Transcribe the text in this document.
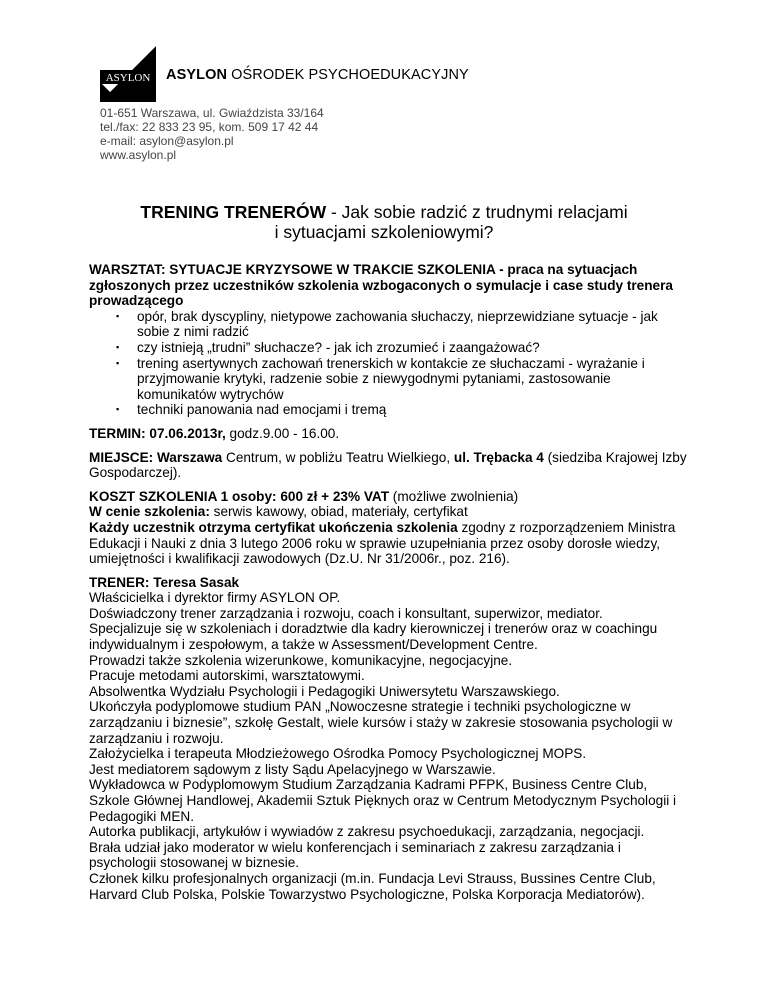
ASYLON ASYLON OŚRODEK PSYCHOEDUKACYJNY
01-651 Warszawa, ul. Gwiaździsta 33/164
tel./fax: 22 833 23 95, kom. 509 17 42 44
e-mail: asylon@asylon.pl
www.asylon.pl
TRENING TRENERÓW - Jak sobie radzić z trudnymi relacjami
i sytuacjami szkoleniowymi?

WARSZTAT: SYTUACJE KRYZYSOWE W TRAKCIE SZKOLENIA - praca na sytuacjach zgłoszonych przez uczestników szkolenia wzbogaconych o symulacje i case study trenera prowadzącego

▪ opór, brak dyscypliny, nietypowe zachowania słuchaczy, nieprzewidziane sytuacje - jak sobie z nimi radzić
▪ czy istnieją „trudni” słuchacze? - jak ich zrozumieć i zaangażować?
▪ trening asertywnych zachowań trenerskich w kontakcie ze słuchaczami - wyrażanie i przyjmowanie krytyki, radzenie sobie z niewygodnymi pytaniami, zastosowanie komunikatów wytrychów
▪ techniki panowania nad emocjami i tremą

TERMIN: 07.06.2013r, godz.9.00 - 16.00.

MIEJSCE: Warszawa Centrum, w pobliżu Teatru Wielkiego, ul. Trębacka 4 (siedziba Krajowej Izby Gospodarczej).

KOSZT SZKOLENIA 1 osoby: 600 zł + 23% VAT (możliwe zwolnienia)

W cenie szkolenia: serwis kawowy, obiad, materiały, certyfikat

Każdy uczestnik otrzyma certyfikat ukończenia szkolenia zgodny z rozporządzeniem Ministra Edukacji i Nauki z dnia 3 lutego 2006 roku w sprawie uzupełniania przez osoby dorosłe wiedzy, umiejętności i kwalifikacji zawodowych (Dz.U. Nr 31/2006r., poz. 216).

TRENER: Teresa Sasak

Właścicielka i dyrektor firmy ASYLON OP.

Doświadczony trener zarządzania i rozwoju, coach i konsultant, superwizor, mediator.

Specjalizuje się w szkoleniach i doradztwie dla kadry kierowniczej i trenerów oraz w coachingu indywidualnym i zespołowym, a także w Assessment/Development Centre.

Prowadzi także szkolenia wizerunkowe, komunikacyjne, negocjacyjne.

Pracuje metodami autorskimi, warsztatowymi.

Absolwentka Wydziału Psychologii i Pedagogiki Uniwersytetu Warszawskiego.

Ukończyła podyplomowe studium PAN „Nowoczesne strategie i techniki psychologiczne w zarządzaniu i biznesie”, szkołę Gestalt, wiele kursów i staży w zakresie stosowania psychologii w zarządzaniu i rozwoju.

Założycielka i terapeuta Młodzieżowego Ośrodka Pomocy Psychologicznej MOPS.

Jest mediatorem sądowym z listy Sądu Apelacyjnego w Warszawie.

Wykładowca w Podyplomowym Studium Zarządzania Kadrami PFPK, Business Centre Club, Szkole Głównej Handlowej, Akademii Sztuk Pięknych oraz w Centrum Metodycznym Psychologii i Pedagogiki MEN.

Autorka publikacji, artykułów i wywiadów z zakresu psychoedukacji, zarządzania, negocjacji.

Brała udział jako moderator w wielu konferencjach i seminariach z zakresu zarządzania i psychologii stosowanej w biznesie.

Członek kilku profesjonalnych organizacji (m.in. Fundacja Levi Strauss, Bussines Centre Club, Harvard Club Polska, Polskie Towarzystwo Psychologiczne, Polska Korporacja Mediatorów).
